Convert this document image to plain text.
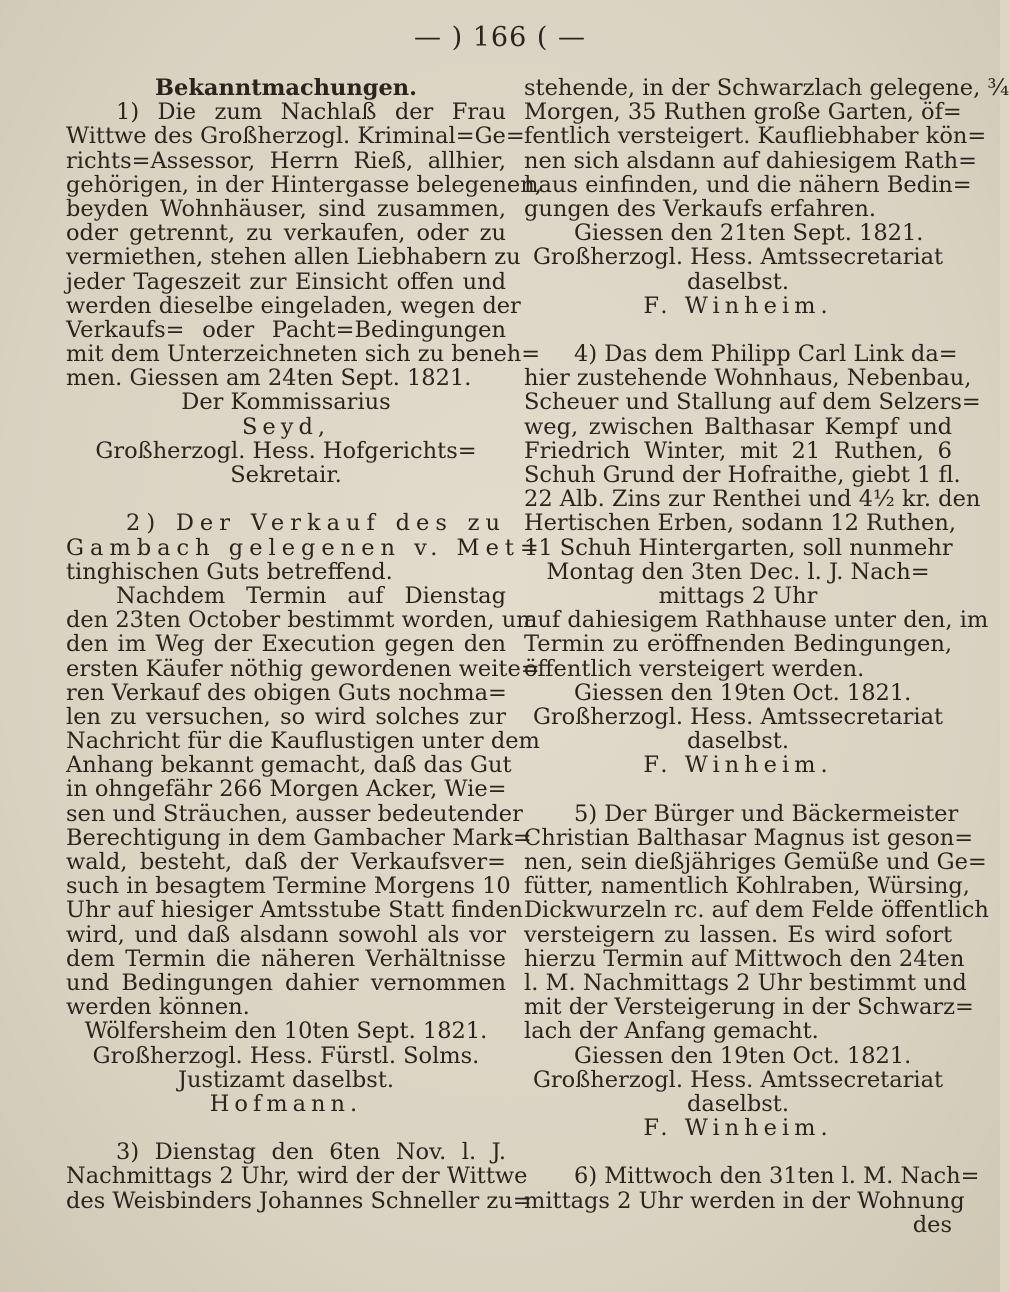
— ) 166 ( —
Bekanntmachungen.
1) Die zum Nachlaß der Frau
Wittwe des Großherzogl. Kriminal=Ge=
richts=Assessor, Herrn Rieß, allhier,
gehörigen, in der Hintergasse belegenen,
beyden Wohnhäuser, sind zusammen,
oder getrennt, zu verkaufen, oder zu
vermiethen, stehen allen Liebhabern zu
jeder Tageszeit zur Einsicht offen und
werden dieselbe eingeladen, wegen der
Verkaufs= oder Pacht=Bedingungen
mit dem Unterzeichneten sich zu beneh=
men. Giessen am 24ten Sept. 1821.
Der Kommissarius
Seyd,
Großherzogl. Hess. Hofgerichts=
Sekretair.
2) Der Verkauf des zu
Gambach gelegenen v. Met=
tinghischen Guts betreffend.
Nachdem Termin auf Dienstag
den 23ten October bestimmt worden, um
den im Weg der Execution gegen den
ersten Käufer nöthig gewordenen weite=
ren Verkauf des obigen Guts nochma=
len zu versuchen, so wird solches zur
Nachricht für die Kauflustigen unter dem
Anhang bekannt gemacht, daß das Gut
in ohngefähr 266 Morgen Acker, Wie=
sen und Sträuchen, ausser bedeutender
Berechtigung in dem Gambacher Mark=
wald, besteht, daß der Verkaufsver=
such in besagtem Termine Morgens 10
Uhr auf hiesiger Amtsstube Statt finden
wird, und daß alsdann sowohl als vor
dem Termin die näheren Verhältnisse
und Bedingungen dahier vernommen
werden können.
Wölfersheim den 10ten Sept. 1821.
Großherzogl. Hess. Fürstl. Solms.
Justizamt daselbst.
Hofmann.
3) Dienstag den 6ten Nov. l. J.
Nachmittags 2 Uhr, wird der der Wittwe
des Weisbinders Johannes Schneller zu=
stehende, in der Schwarzlach gelegene, ¾
Morgen, 35 Ruthen große Garten, öf=
fentlich versteigert. Kaufliebhaber kön=
nen sich alsdann auf dahiesigem Rath=
haus einfinden, und die nähern Bedin=
gungen des Verkaufs erfahren.
Giessen den 21ten Sept. 1821.
Großherzogl. Hess. Amtssecretariat
daselbst.
F. Winheim.
4) Das dem Philipp Carl Link da=
hier zustehende Wohnhaus, Nebenbau,
Scheuer und Stallung auf dem Selzers=
weg, zwischen Balthasar Kempf und
Friedrich Winter, mit 21 Ruthen, 6
Schuh Grund der Hofraithe, giebt 1 fl.
22 Alb. Zins zur Renthei und 4½ kr. den
Hertischen Erben, sodann 12 Ruthen,
11 Schuh Hintergarten, soll nunmehr
Montag den 3ten Dec. l. J. Nach=
mittags 2 Uhr
auf dahiesigem Rathhause unter den, im
Termin zu eröffnenden Bedingungen,
öffentlich versteigert werden.
Giessen den 19ten Oct. 1821.
Großherzogl. Hess. Amtssecretariat
daselbst.
F. Winheim.
5) Der Bürger und Bäckermeister
Christian Balthasar Magnus ist geson=
nen, sein dießjähriges Gemüße und Ge=
fütter, namentlich Kohlraben, Würsing,
Dickwurzeln rc. auf dem Felde öffentlich
versteigern zu lassen. Es wird sofort
hierzu Termin auf Mittwoch den 24ten
l. M. Nachmittags 2 Uhr bestimmt und
mit der Versteigerung in der Schwarz=
lach der Anfang gemacht.
Giessen den 19ten Oct. 1821.
Großherzogl. Hess. Amtssecretariat
daselbst.
F. Winheim.
6) Mittwoch den 31ten l. M. Nach=
mittags 2 Uhr werden in der Wohnung
des
